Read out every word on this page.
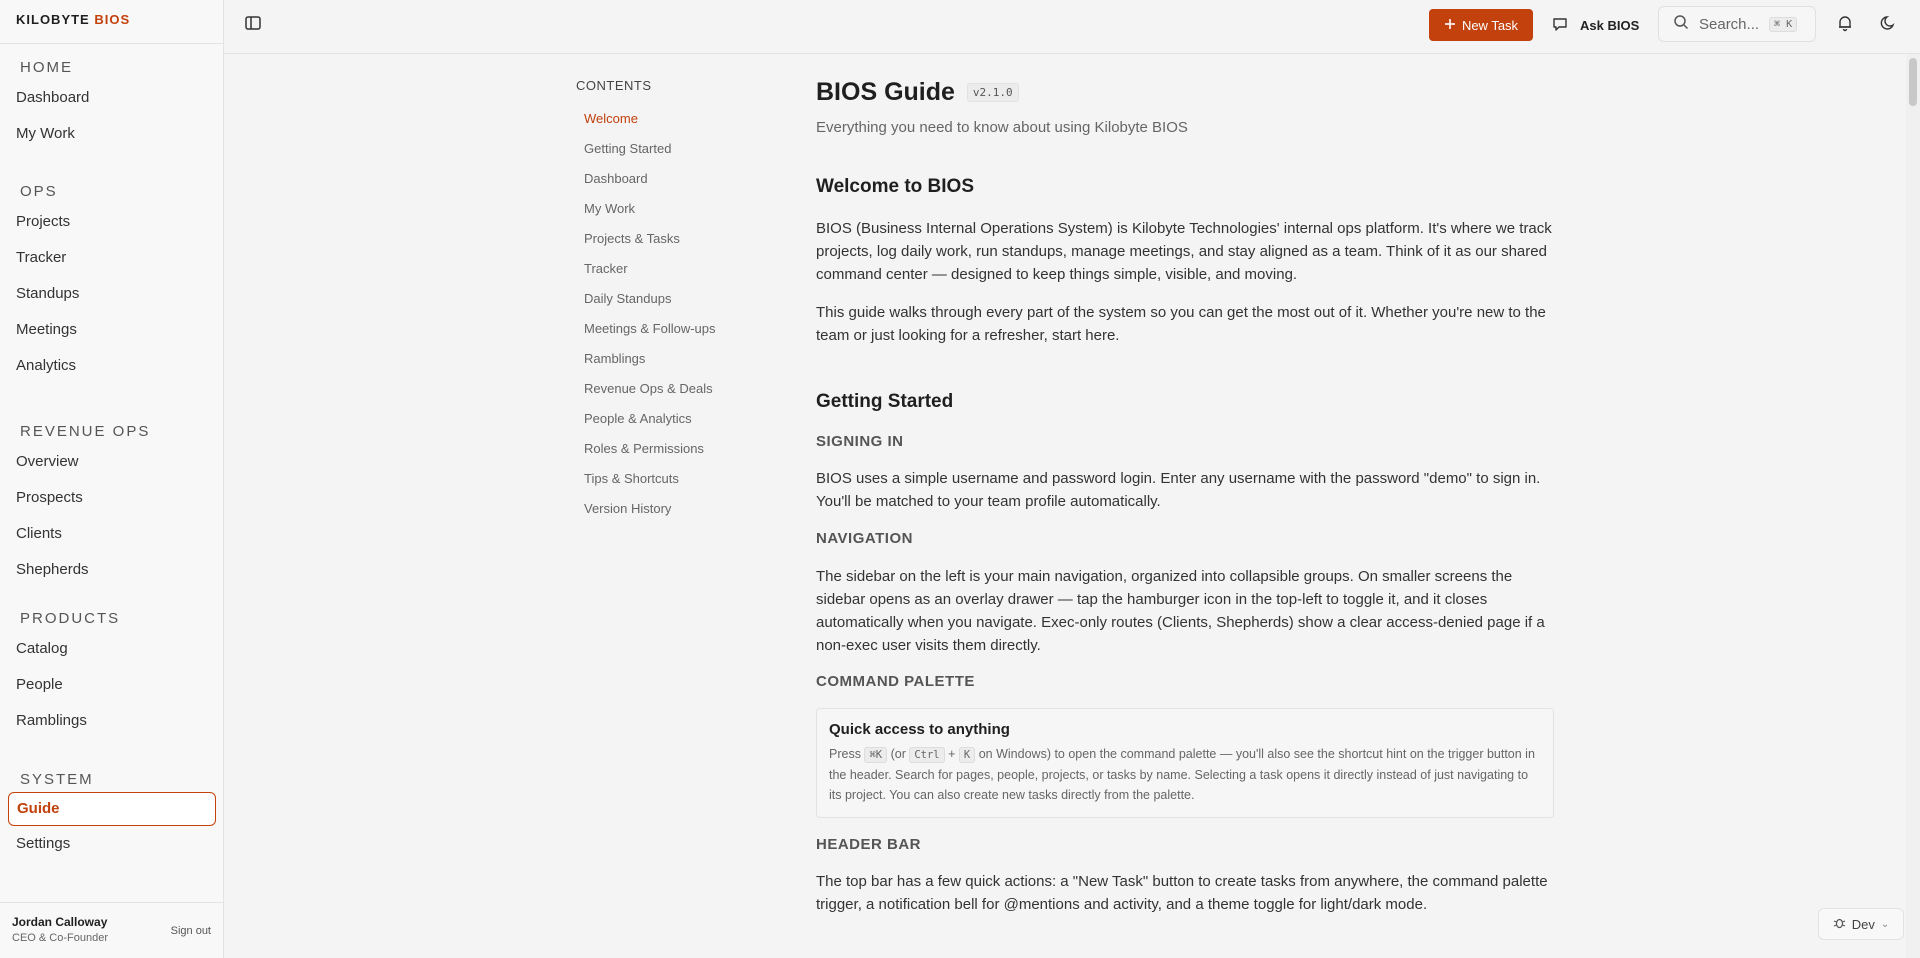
KILOBYTE BIOS
HOME
Dashboard
My Work
OPS
Projects
Tracker
Standups
Meetings
Analytics
REVENUE OPS
Overview
Prospects
Clients
Shepherds
PRODUCTS
Catalog
People
Ramblings
SYSTEM
Guide
Settings
Jordan Calloway
CEO & Co-Founder
Sign out
New Task	Ask BIOS	Search...	⌘ K
CONTENTS
Welcome
Getting Started
Dashboard
My Work
Projects & Tasks
Tracker
Daily Standups
Meetings & Follow-ups
Ramblings
Revenue Ops & Deals
People & Analytics
Roles & Permissions
Tips & Shortcuts
Version History
BIOS Guide	v2.1.0
Everything you need to know about using Kilobyte BIOS
Welcome to BIOS

BIOS (Business Internal Operations System) is Kilobyte Technologies' internal ops platform. It's where we track projects, log daily work, run standups, manage meetings, and stay aligned as a team. Think of it as our shared command center — designed to keep things simple, visible, and moving.

This guide walks through every part of the system so you can get the most out of it. Whether you're new to the team or just looking for a refresher, start here.

Getting Started
SIGNING IN

BIOS uses a simple username and password login. Enter any username with the password "demo" to sign in. You'll be matched to your team profile automatically.

NAVIGATION

The sidebar on the left is your main navigation, organized into collapsible groups. On smaller screens the sidebar opens as an overlay drawer — tap the hamburger icon in the top-left to toggle it, and it closes automatically when you navigate. Exec-only routes (Clients, Shepherds) show a clear access-denied page if a non-exec user visits them directly.

COMMAND PALETTE
Quick access to anything
Press ⌘K (or Ctrl + K on Windows) to open the command palette — you'll also see the shortcut hint on the trigger button in the header. Search for pages, people, projects, or tasks by name. Selecting a task opens it directly instead of just navigating to its project. You can also create new tasks directly from the palette.
HEADER BAR

The top bar has a few quick actions: a "New Task" button to create tasks from anywhere, the command palette trigger, a notification bell for @mentions and activity, and a theme toggle for light/dark mode.

Dev ⌄
